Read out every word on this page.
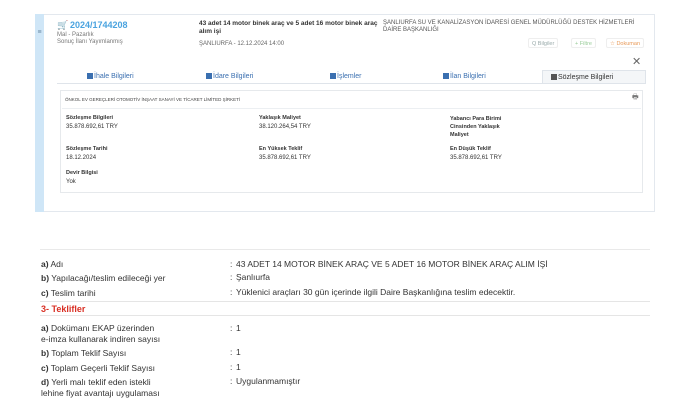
≡
🛒 2024/1744208
Mal - Pazarlık
Sonuç İlanı Yayımlanmış
43 adet 14 motor binek araç ve 5 adet 16 motor binek araç alım işi
ŞANLIURFA - 12.12.2024 14:00
ŞANLIURFA SU VE KANALİZASYON İDARESİ GENEL MÜDÜRLÜĞÜ DESTEK HİZMETLERİ DAİRE BAŞKANLIĞI
Q Bilgiler	+ Filtre	☆ Dokuman
✕
İhale Bilgileri	İdare Bilgileri	İşlemler	İlan Bilgileri	Sözleşme Bilgileri
ÖNKOL EV GEREÇLERİ OTOMOTİV İNŞAAT SANAYİ VE TİCARET LİMİTED ŞİRKETİ	🖶
Sözleşme Bilgileri
35.878.692,61 TRY
Yaklaşık Maliyet
38.120.264,54 TRY
Yabancı Para Birimi Cinsinden Yaklaşık Maliyet
Sözleşme Tarihi
18.12.2024
En Yüksek Teklif
35.878.692,61 TRY
En Düşük Teklif
35.878.692,61 TRY
Devir Bilgisi
Yok
a) Adı	: 43 ADET 14 MOTOR BİNEK ARAÇ VE 5 ADET 16 MOTOR BİNEK ARAÇ ALIM İŞİ
b) Yapılacağı/teslim edileceği yer	: Şanlıurfa
c) Teslim tarihi	: Yüklenici araçları 30 gün içerinde ilgili Daire Başkanlığına teslim edecektir.
3- Teklifler
a) Dokümanı EKAP üzerinden
e-imza kullanarak indiren sayısı
: 1
b) Toplam Teklif Sayısı	: 1
c) Toplam Geçerli Teklif Sayısı	: 1
d) Yerli malı teklif eden istekli
lehine fiyat avantajı uygulaması
: Uygulanmamıştır
